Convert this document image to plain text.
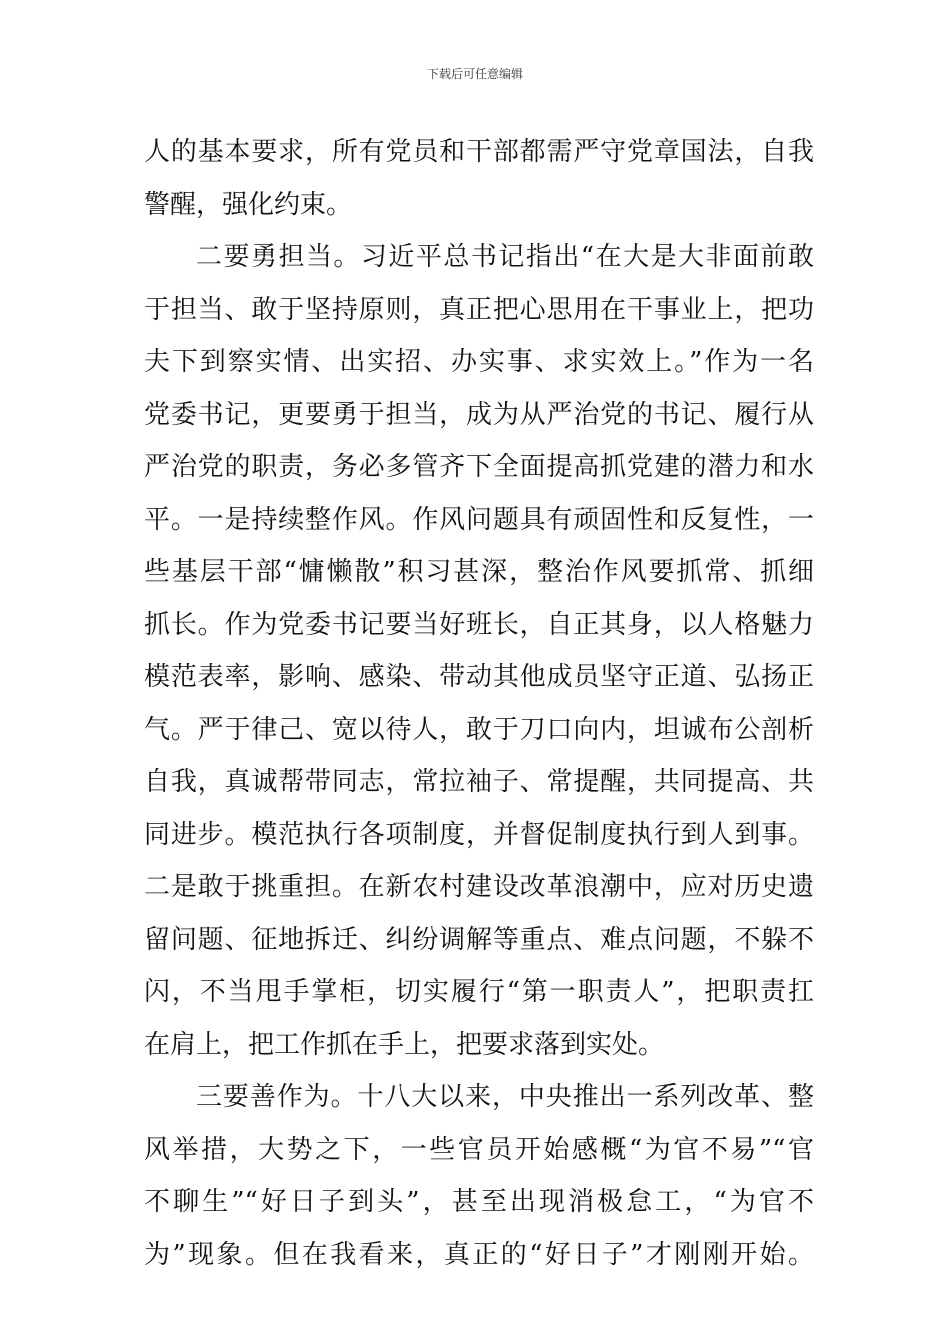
下载后可任意编辑
人的基本要求，所有党员和干部都需严守党章国法，自我
警醒，强化约束。
二要勇担当。习近平总书记指出“在大是大非面前敢
于担当、敢于坚持原则，真正把心思用在干事业上，把功
夫下到察实情、出实招、办实事、求实效上。”作为一名
党委书记，更要勇于担当，成为从严治党的书记、履行从
严治党的职责，务必多管齐下全面提高抓党建的潜力和水
平。一是持续整作风。作风问题具有顽固性和反复性，一
些基层干部“慵懒散”积习甚深，整治作风要抓常、抓细
抓长。作为党委书记要当好班长，自正其身，以人格魅力
模范表率，影响、感染、带动其他成员坚守正道、弘扬正
气。严于律己、宽以待人，敢于刀口向内，坦诚布公剖析
自我，真诚帮带同志，常拉袖子、常提醒，共同提高、共
同进步。模范执行各项制度，并督促制度执行到人到事。
二是敢于挑重担。在新农村建设改革浪潮中，应对历史遗
留问题、征地拆迁、纠纷调解等重点、难点问题，不躲不
闪，不当甩手掌柜，切实履行“第一职责人”，把职责扛
在肩上，把工作抓在手上，把要求落到实处。
三要善作为。十八大以来，中央推出一系列改革、整
风举措，大势之下，一些官员开始感概“为官不易”“官
不聊生”“好日子到头”，甚至出现消极怠工，“为官不
为”现象。但在我看来，真正的“好日子”才刚刚开始。
